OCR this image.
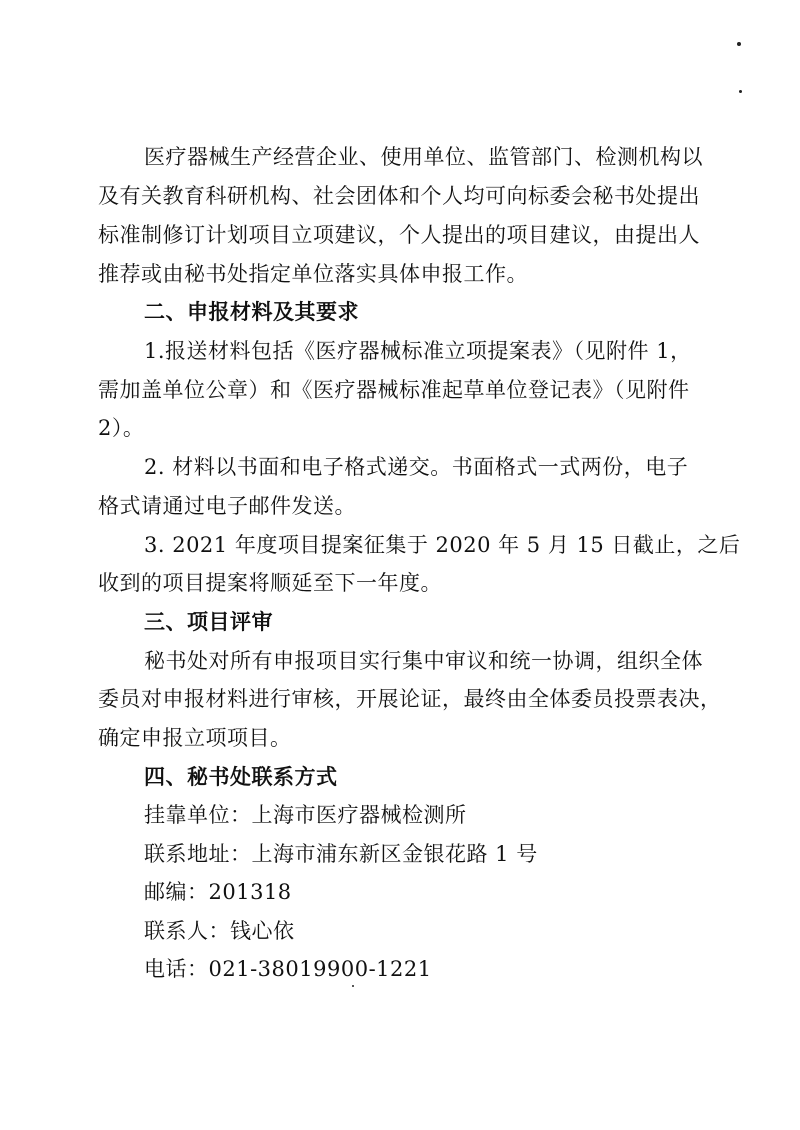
医疗器械生产经营企业、使用单位、监管部门、检测机构以
及有关教育科研机构、社会团体和个人均可向标委会秘书处提出
标准制修订计划项目立项建议，个人提出的项目建议，由提出人
推荐或由秘书处指定单位落实具体申报工作。
二、申报材料及其要求
1.报送材料包括《医疗器械标准立项提案表》（见附件 1，
需加盖单位公章）和《医疗器械标准起草单位登记表》（见附件
2）。
2. 材料以书面和电子格式递交。书面格式一式两份，电子
格式请通过电子邮件发送。
3. 2021 年度项目提案征集于 2020 年 5 月 15 日截止，之后
收到的项目提案将顺延至下一年度。
三、项目评审
秘书处对所有申报项目实行集中审议和统一协调，组织全体
委员对申报材料进行审核，开展论证，最终由全体委员投票表决，
确定申报立项项目。
四、秘书处联系方式
挂靠单位：上海市医疗器械检测所
联系地址：上海市浦东新区金银花路 1 号
邮编：201318
联系人：钱心依
电话：021-38019900-1221
